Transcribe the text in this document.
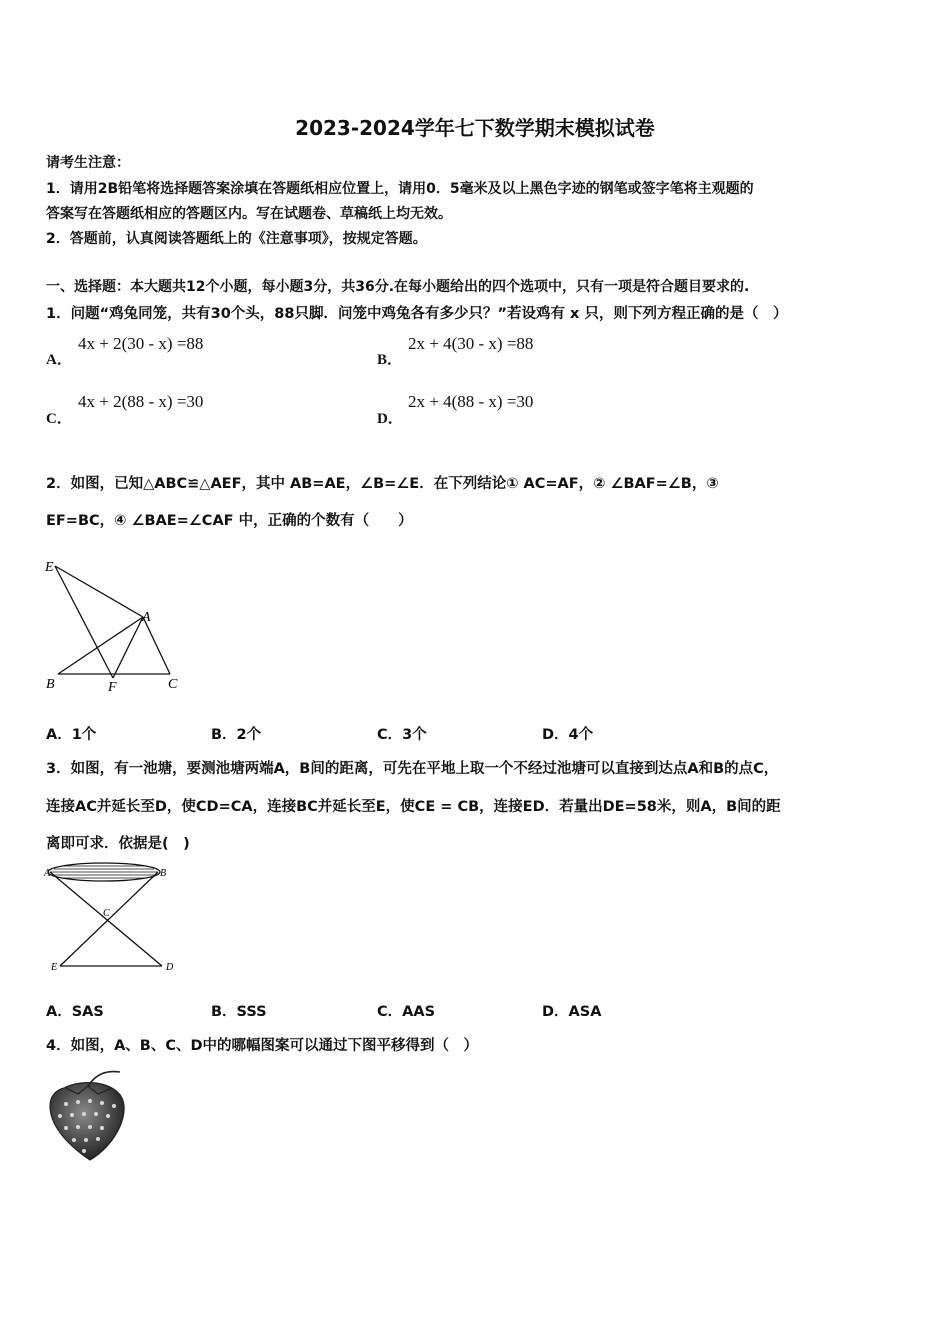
2023-2024学年七下数学期末模拟试卷
请考生注意：
1．请用2B铅笔将选择题答案涂填在答题纸相应位置上，请用0．5毫米及以上黑色字迹的钢笔或签字笔将主观题的
答案写在答题纸相应的答题区内。写在试题卷、草稿纸上均无效。
2．答题前，认真阅读答题纸上的《注意事项》，按规定答题。
一、选择题：本大题共12个小题，每小题3分，共36分.在每小题给出的四个选项中，只有一项是符合题目要求的.
1．问题“鸡兔同笼，共有30个头，88只脚．问笼中鸡兔各有多少只？”若设鸡有 x 只，则下列方程正确的是（　）
A．
4x + 2(30 - x) =88
B．
2x + 4(30 - x) =88
C．
4x + 2(88 - x) =30
D．
2x + 4(88 - x) =30
2．如图，已知△ABC≌△AEF，其中 AB=AE，∠B=∠E．在下列结论① AC=AF，② ∠BAF=∠B，③
EF=BC，④ ∠BAE=∠CAF 中，正确的个数有（　　）
E
A
B	F	C
A．1个	B．2个	C．3个	D．4个
3．如图，有一池塘，要测池塘两端A，B间的距离，可先在平地上取一个不经过池塘可以直接到达点A和B的点C，
连接AC并延长至D，使CD=CA，连接BC并延长至E，使CE = CB，连接ED．若量出DE=58米，则A，B间的距
离即可求．依据是(　)
A	B
C
E	D
A．SAS	B．SSS	C．AAS	D．ASA
4．如图，A、B、C、D中的哪幅图案可以通过下图平移得到（　）
